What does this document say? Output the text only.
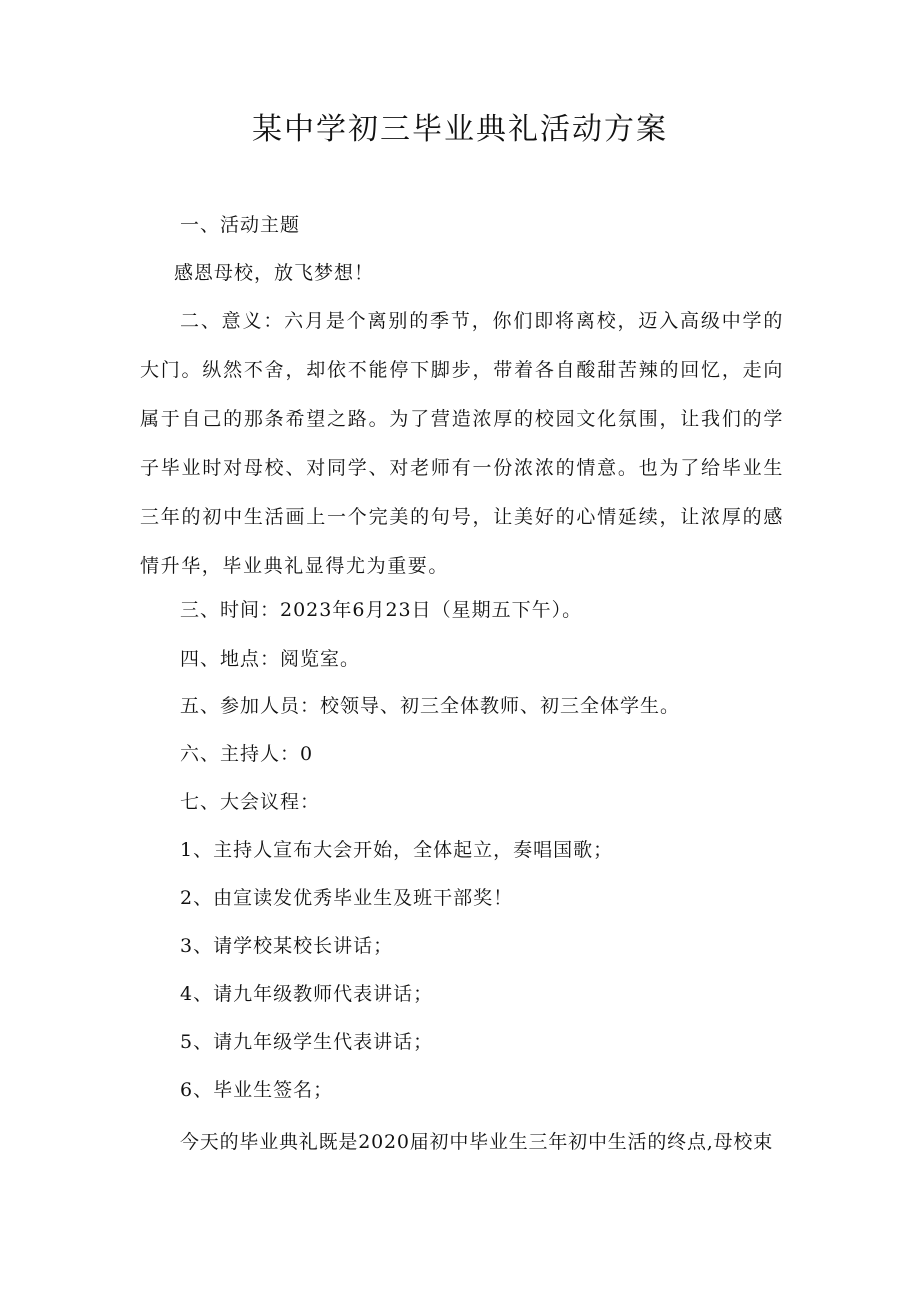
某中学初三毕业典礼活动方案

一、活动主题

感恩母校，放飞梦想！

二、意义：六月是个离别的季节，你们即将离校，迈入高级中学的大门。纵然不舍，却依不能停下脚步，带着各自酸甜苦辣的回忆，走向属于自己的那条希望之路。为了营造浓厚的校园文化氛围，让我们的学子毕业时对母校、对同学、对老师有一份浓浓的情意。也为了给毕业生三年的初中生活画上一个完美的句号，让美好的心情延续，让浓厚的感情升华，毕业典礼显得尤为重要。

三、时间：2023年6月23日（星期五下午）。

四、地点：阅览室。

五、参加人员：校领导、初三全体教师、初三全体学生。

六、主持人：0

七、大会议程：

1、主持人宣布大会开始，全体起立，奏唱国歌；

2、由宣读发优秀毕业生及班干部奖！

3、请学校某校长讲话；

4、请九年级教师代表讲话；

5、请九年级学生代表讲话；

6、毕业生签名；

今天的毕业典礼既是2020届初中毕业生三年初中生活的终点,母校束
